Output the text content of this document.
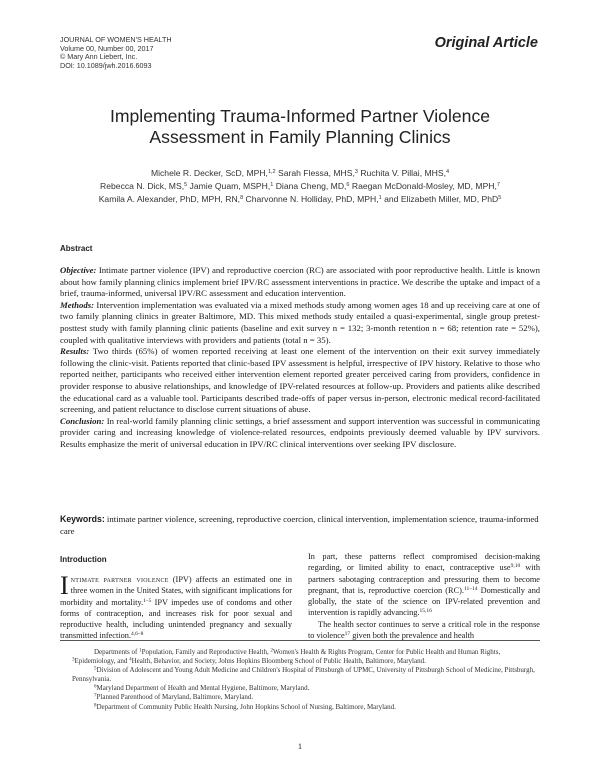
JOURNAL OF WOMEN'S HEALTH
Volume 00, Number 00, 2017
© Mary Ann Liebert, Inc.
DOI: 10.1089/jwh.2016.6093
Original Article
Implementing Trauma-Informed Partner Violence
Assessment in Family Planning Clinics
Michele R. Decker, ScD, MPH,$^{1,2}$ Sarah Flessa, MHS,$^3$ Ruchita V. Pillai, MHS,$^4$
Rebecca N. Dick, MS,$^5$ Jamie Quam, MSPH,$^1$ Diana Cheng, MD,$^6$ Raegan McDonald-Mosley, MD, MPH,$^7$
Kamila A. Alexander, PhD, MPH, RN,$^8$ Charvonne N. Holliday, PhD, MPH,$^1$ and Elizabeth Miller, MD, PhD$^5$
Abstract

Objective: Intimate partner violence (IPV) and reproductive coercion (RC) are associated with poor reproductive health. Little is known about how family planning clinics implement brief IPV/RC assessment interventions in practice. We describe the uptake and impact of a brief, trauma-informed, universal IPV/RC assessment and education intervention.

Methods: Intervention implementation was evaluated via a mixed methods study among women ages 18 and up receiving care at one of two family planning clinics in greater Baltimore, MD. This mixed methods study entailed a quasi-experimental, single group pretest-posttest study with family planning clinic patients (baseline and exit survey n = 132; 3-month retention n = 68; retention rate = 52%), coupled with qualitative interviews with providers and patients (total n = 35).

Results: Two thirds (65%) of women reported receiving at least one element of the intervention on their exit survey immediately following the clinic-visit. Patients reported that clinic-based IPV assessment is helpful, irrespective of IPV history. Relative to those who reported neither, participants who received either intervention element reported greater perceived caring from providers, confidence in provider response to abusive relationships, and knowledge of IPV-related resources at follow-up. Providers and patients alike described the educational card as a valuable tool. Participants described trade-offs of paper versus in-person, electronic medical record-facilitated screening, and patient reluctance to disclose current situations of abuse.

Conclusion: In real-world family planning clinic settings, a brief assessment and support intervention was successful in communicating provider caring and increasing knowledge of violence-related resources, endpoints previously deemed valuable by IPV survivors. Results emphasize the merit of universal education in IPV/RC clinical interventions over seeking IPV disclosure.

Keywords: intimate partner violence, screening, reproductive coercion, clinical intervention, implementation science, trauma-informed care
Introduction

Intimate partner violence (IPV) affects an estimated one in three women in the United States, with significant implications for morbidity and mortality.$^{1-5}$ IPV impedes use of condoms and other forms of contraception, and increases risk for poor sexual and reproductive health, including unintended pregnancy and sexually transmitted infection.$^{4,6-8}$

In part, these patterns reflect compromised decision-making regarding, or limited ability to enact, contraceptive use$^{9,10}$ with partners sabotaging contraception and pressuring them to become pregnant, that is, reproductive coercion (RC).$^{11-14}$ Domestically and globally, the state of the science on IPV-related prevention and intervention is rapidly advancing.$^{15,16}$

The health sector continues to serve a critical role in the response to violence$^{17}$ given both the prevalence and health

Departments of $^1$Population, Family and Reproductive Health, $^2$Women's Health & Rights Program, Center for Public Health and Human Rights, $^3$Epidemiology, and $^4$Health, Behavior, and Society, Johns Hopkins Bloomberg School of Public Health, Baltimore, Maryland.

$^5$Division of Adolescent and Young Adult Medicine and Children's Hospital of Pittsburgh of UPMC, University of Pittsburgh School of Medicine, Pittsburgh, Pennsylvania.

$^6$Maryland Department of Health and Mental Hygiene, Baltimore, Maryland.

$^7$Planned Parenthood of Maryland, Baltimore, Maryland.

$^8$Department of Community Public Health Nursing, John Hopkins School of Nursing, Baltimore, Maryland.

1
